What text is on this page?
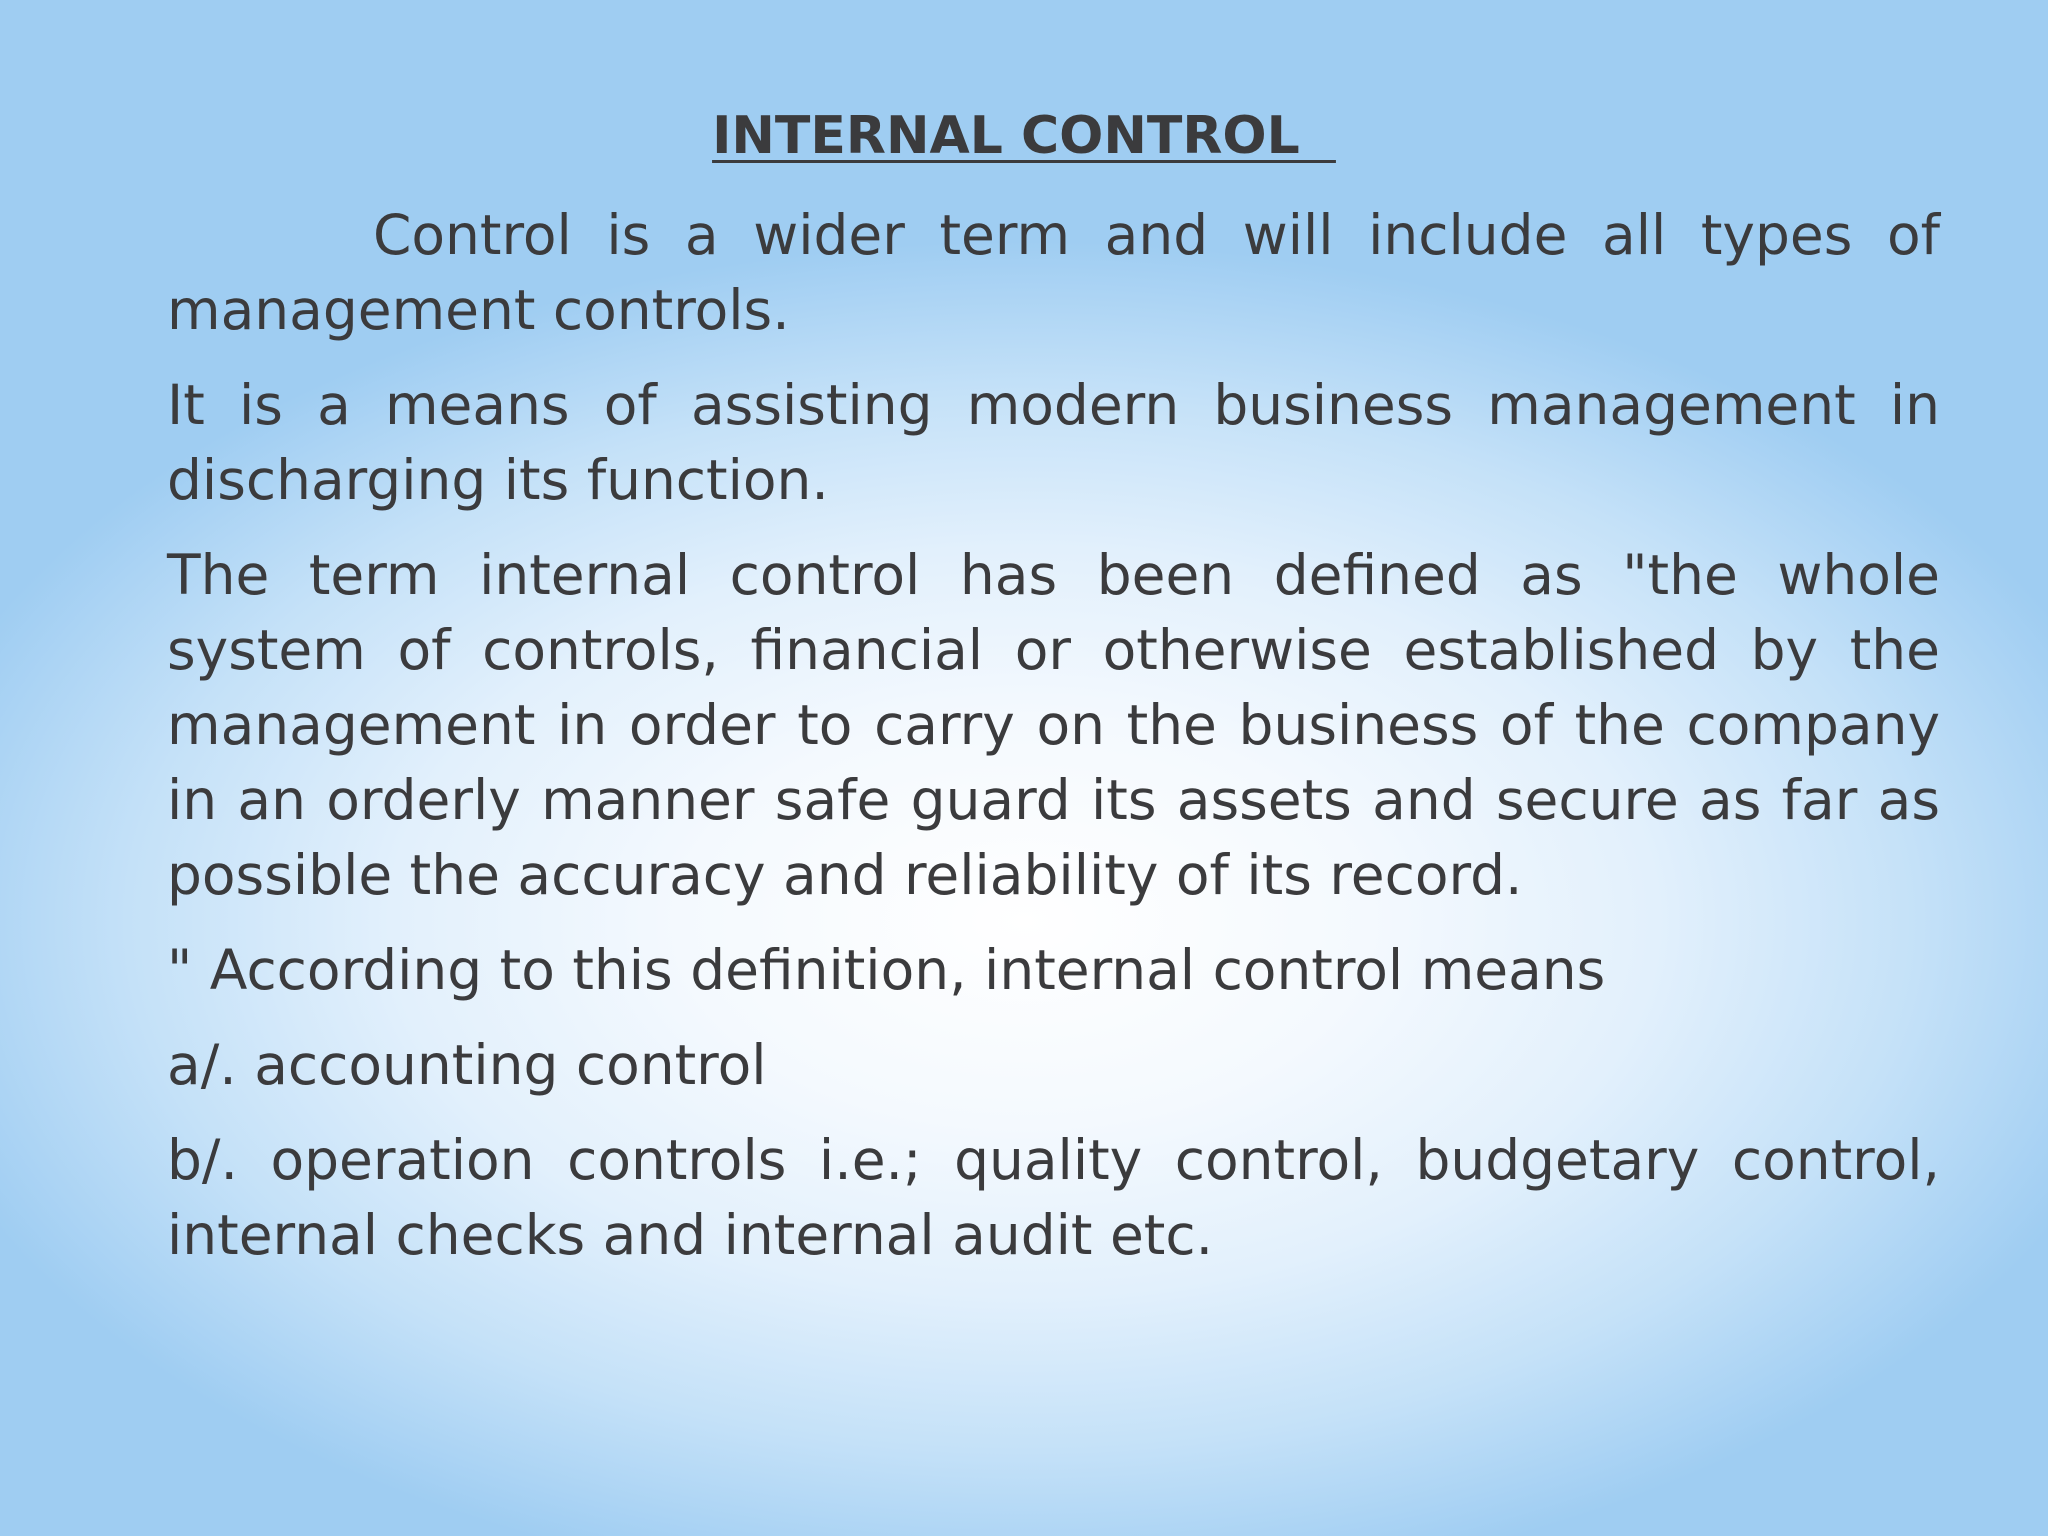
INTERNAL CONTROL

Control is a wider term and will include all types of management controls.

It is a means of assisting modern business management in discharging its function.

The term internal control has been defined as "the whole system of controls, financial or otherwise established by the management in order to carry on the business of the company in an orderly manner safe guard its assets and secure as far as possible the accuracy and reliability of its record.

" According to this definition, internal control means

a/. accounting control

b/. operation controls i.e.; quality control, budgetary control, internal checks and internal audit etc.
